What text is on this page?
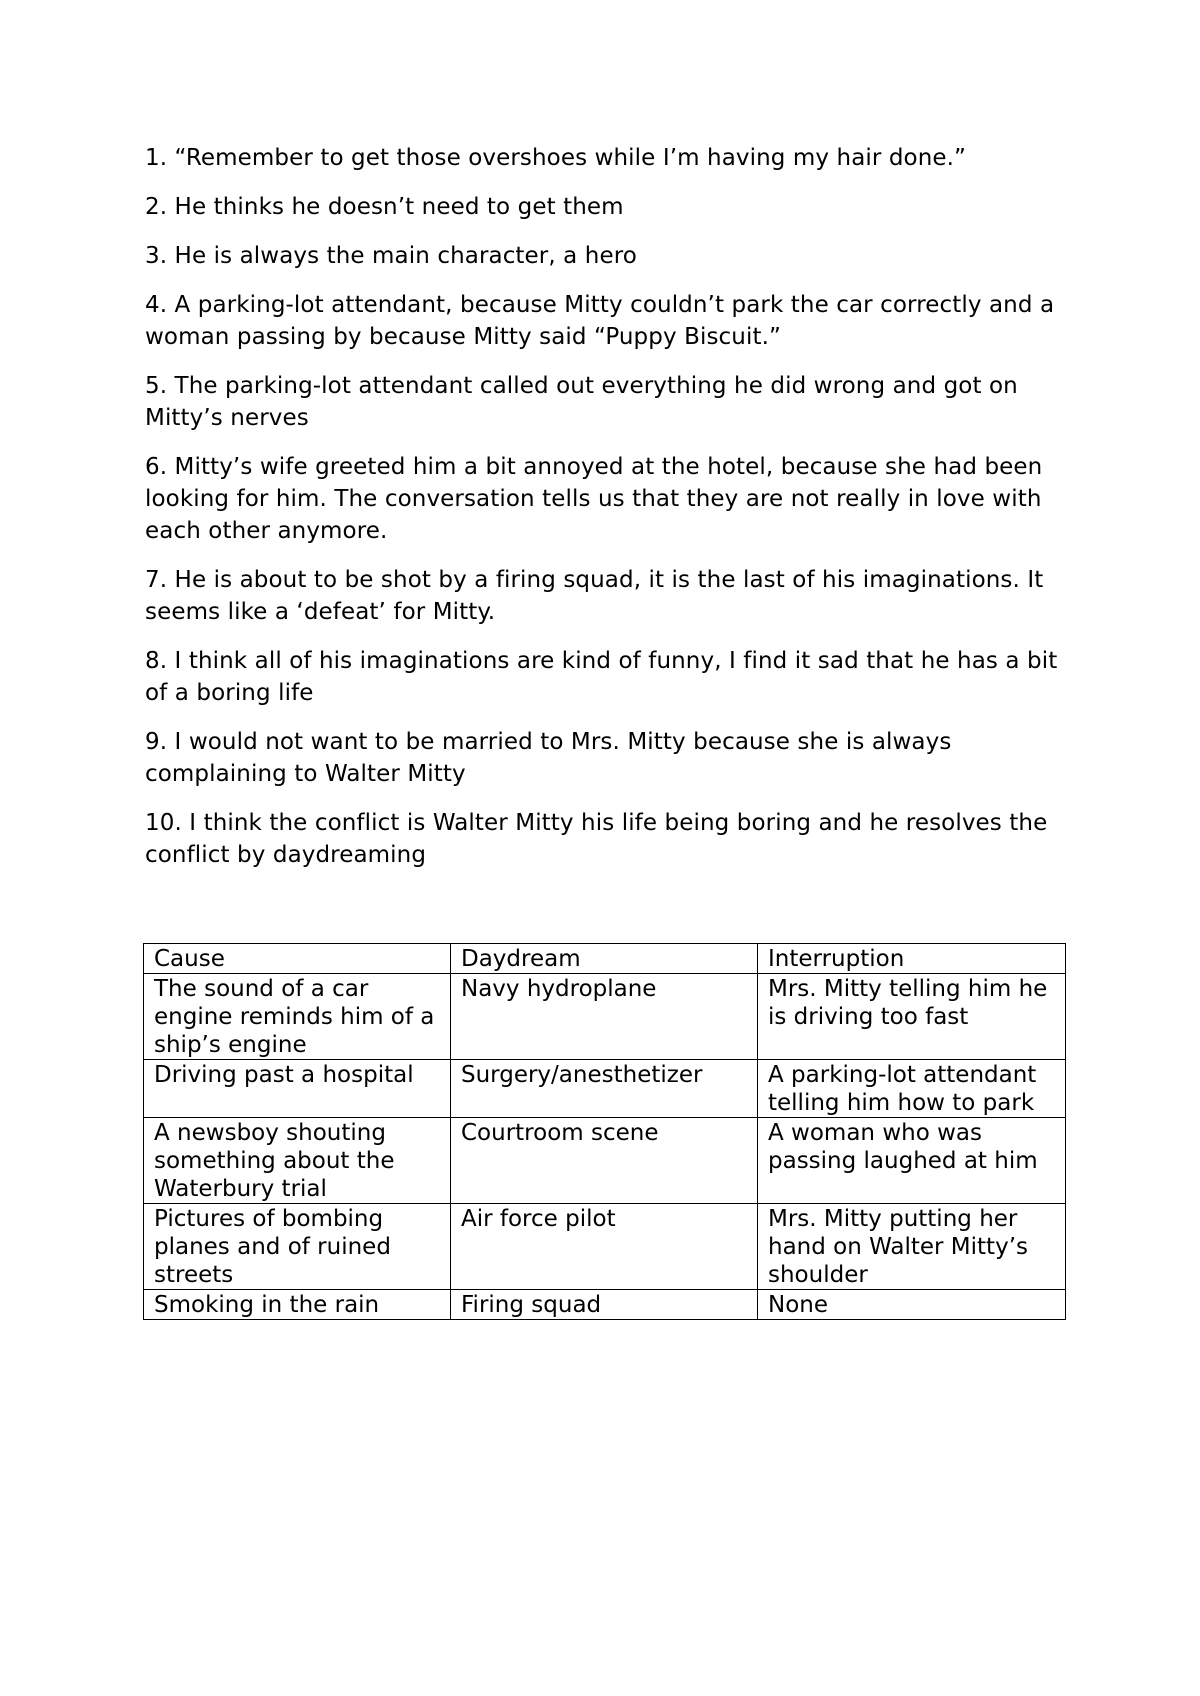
1. “Remember to get those overshoes while I’m having my hair done.”

2. He thinks he doesn’t need to get them

3. He is always the main character, a hero

4. A parking-lot attendant, because Mitty couldn’t park the car correctly and a woman passing by because Mitty said “Puppy Biscuit.”

5. The parking-lot attendant called out everything he did wrong and got on Mitty’s nerves

6. Mitty’s wife greeted him a bit annoyed at the hotel, because she had been looking for him. The conversation tells us that they are not really in love with each other anymore.

7. He is about to be shot by a firing squad, it is the last of his imaginations. It seems like a ‘defeat’ for Mitty.

8. I think all of his imaginations are kind of funny, I find it sad that he has a bit of a boring life

9. I would not want to be married to Mrs. Mitty because she is always complaining to Walter Mitty

10. I think the conflict is Walter Mitty his life being boring and he resolves the conflict by daydreaming

Cause	Daydream	Interruption
The sound of a car engine reminds him of a ship’s engine	Navy hydroplane	Mrs. Mitty telling him he is driving too fast
Driving past a hospital	Surgery/anesthetizer	A parking-lot attendant telling him how to park
A newsboy shouting something about the Waterbury trial	Courtroom scene	A woman who was passing laughed at him
Pictures of bombing planes and of ruined streets	Air force pilot	Mrs. Mitty putting her hand on Walter Mitty’s shoulder
Smoking in the rain	Firing squad	None
